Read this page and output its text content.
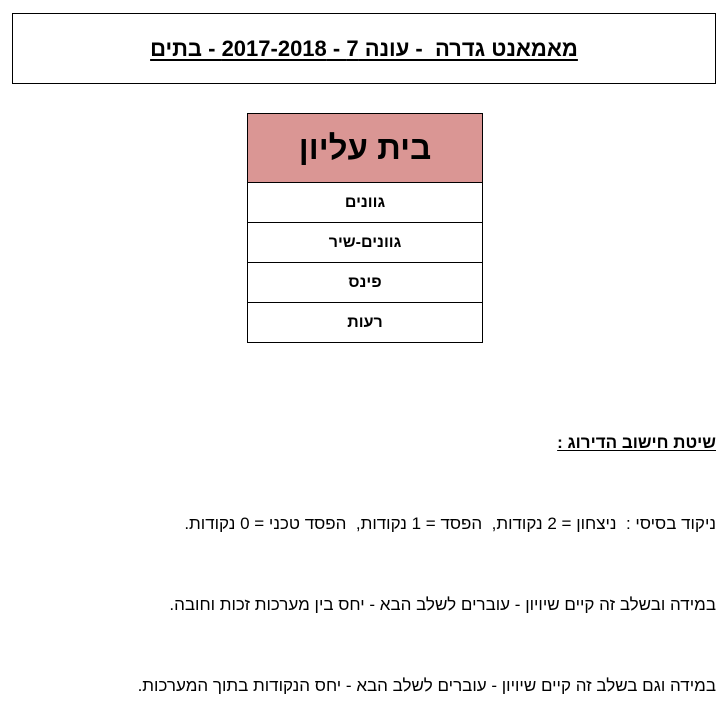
מאמאנט גדרה  - עונה 7 - 2017-2018 - בתים
בית עליון
גוונים
גוונים-שיר
פינס
רעות

שיטת חישוב הדירוג :

ניקוד בסיסי :  ניצחון = 2 נקודות,  הפסד = 1 נקודות,  הפסד טכני = 0 נקודות.

במידה ובשלב זה קיים שיויון - עוברים לשלב הבא - יחס בין מערכות זכות וחובה.

במידה וגם בשלב זה קיים שיויון - עוברים לשלב הבא - יחס הנקודות בתוך המערכות.
